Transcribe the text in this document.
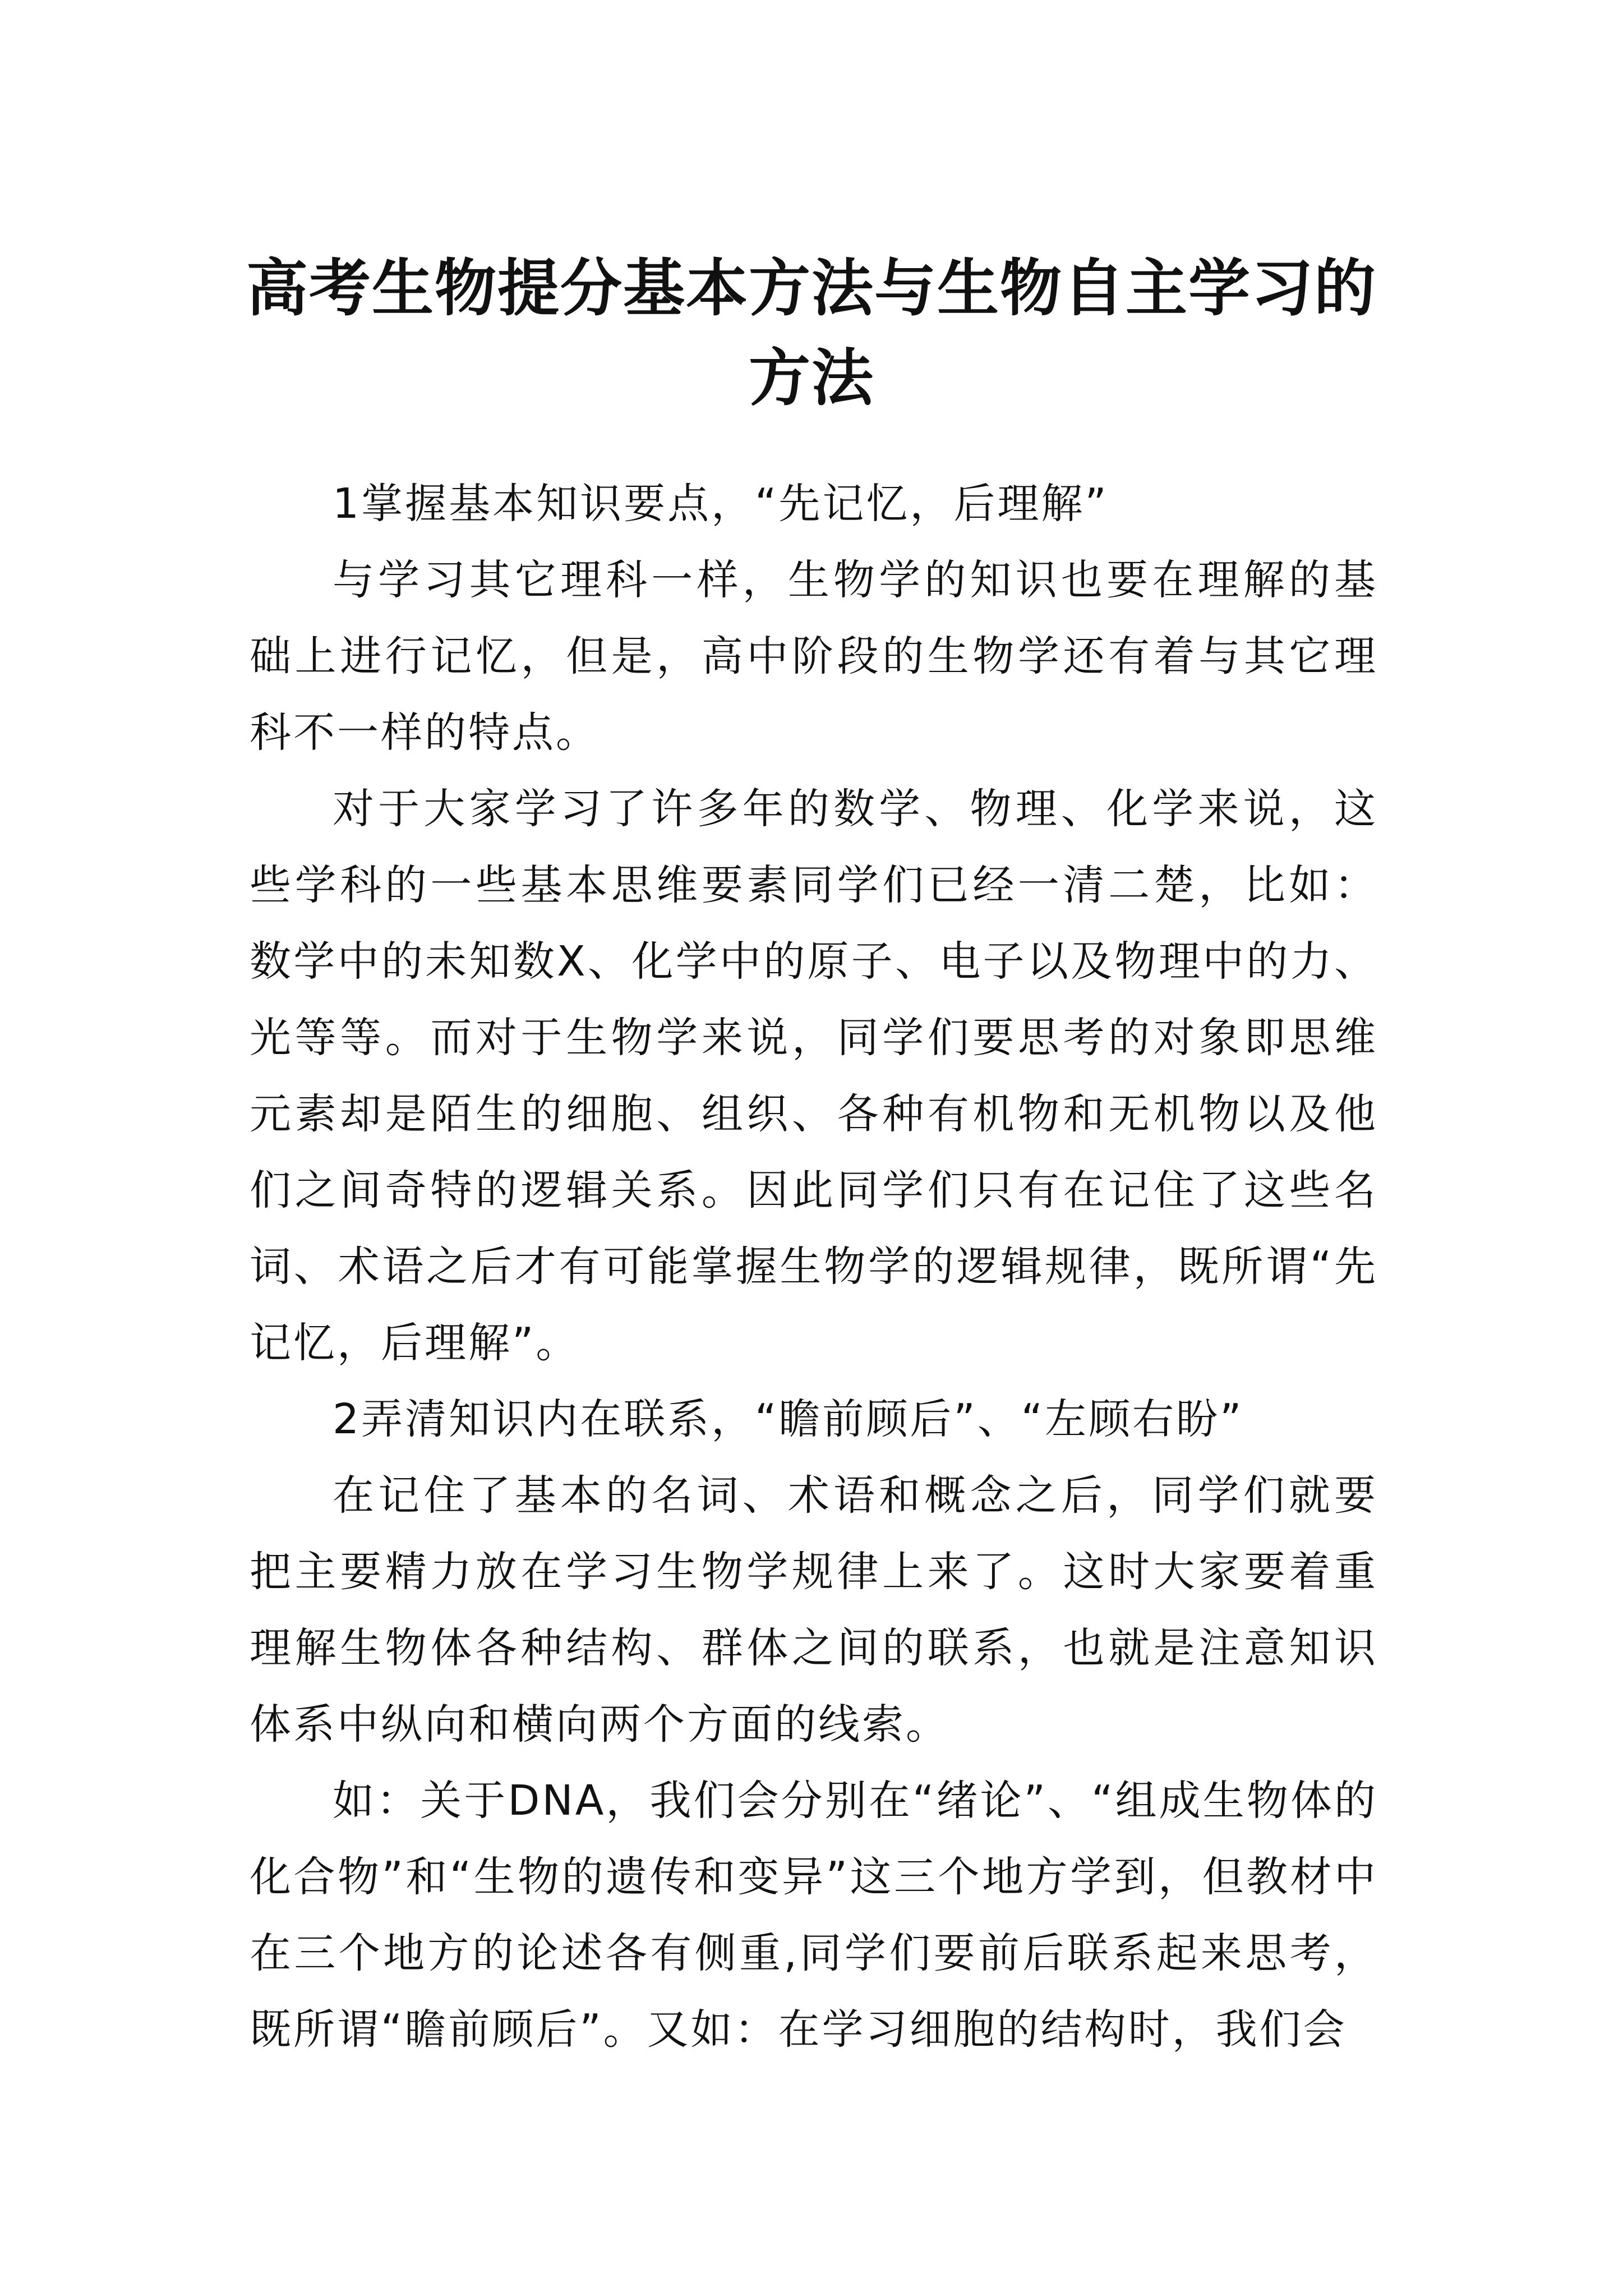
高考生物提分基本方法与生物自主学习的
方法

1掌握基本知识要点，“先记忆，后理解”

与学习其它理科一样，生物学的知识也要在理解的基础上进行记忆，但是，高中阶段的生物学还有着与其它理科不一样的特点。

对于大家学习了许多年的数学、物理、化学来说，这些学科的一些基本思维要素同学们已经一清二楚，比如：数学中的未知数X、化学中的原子、电子以及物理中的力、光等等。而对于生物学来说，同学们要思考的对象即思维元素却是陌生的细胞、组织、各种有机物和无机物以及他们之间奇特的逻辑关系。因此同学们只有在记住了这些名词、术语之后才有可能掌握生物学的逻辑规律，既所谓“先记忆，后理解”。

2弄清知识内在联系，“瞻前顾后”、“左顾右盼”

在记住了基本的名词、术语和概念之后，同学们就要把主要精力放在学习生物学规律上来了。这时大家要着重理解生物体各种结构、群体之间的联系，也就是注意知识体系中纵向和横向两个方面的线索。

如：关于DNA，我们会分别在“绪论”、“组成生物体的化合物”和“生物的遗传和变异”这三个地方学到，但教材中在三个地方的论述各有侧重,同学们要前后联系起来思考，既所谓“瞻前顾后”。又如：在学习细胞的结构时，我们会
